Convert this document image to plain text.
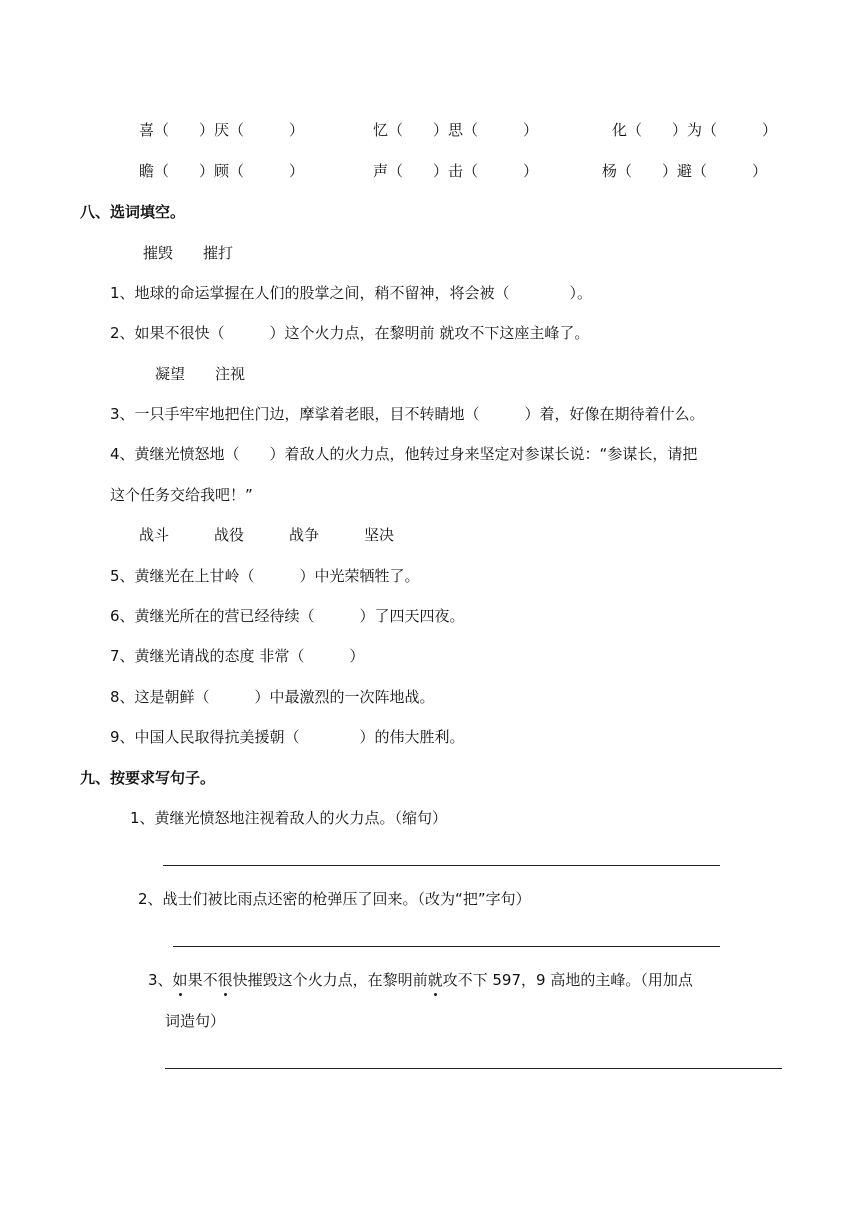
喜（　　）厌（　　　）	忆（　　）思（　　　）	化（　　）为（　　　）
瞻（　　）顾（　　　）	声（　　）击（　　　）	杨（　　）避（　　　）
八、选词填空。
摧毁　　摧打
1、地球的命运掌握在人们的股掌之间，稍不留神，将会被（　　　　）。
2、如果不很快（　　　）这个火力点，在黎明前 就攻不下这座主峰了。
凝望　　注视
3、一只手牢牢地把住门边，摩挲着老眼，目不转睛地（　　　）着，好像在期待着什么。
4、黄继光愤怒地（　　）着敌人的火力点，他转过身来坚定对参谋长说：“参谋长，请把
这个任务交给我吧！”
战斗　　　战役　　　战争　　　坚决
5、黄继光在上甘岭（　　　）中光荣牺牲了。
6、黄继光所在的营已经待续（　　　）了四天四夜。
7、黄继光请战的态度 非常（　　　）
8、这是朝鲜（　　　）中最激烈的一次阵地战。
9、中国人民取得抗美援朝（　　　　）的伟大胜利。
九、按要求写句子。
1、黄继光愤怒地注视着敌人的火力点。（缩句）
2、战士们被比雨点还密的枪弹压了回来。（改为“把”字句）
3、如果不很快摧毁这个火力点，在黎明前就攻不下 597，9 高地的主峰。（用加点
词造句）
